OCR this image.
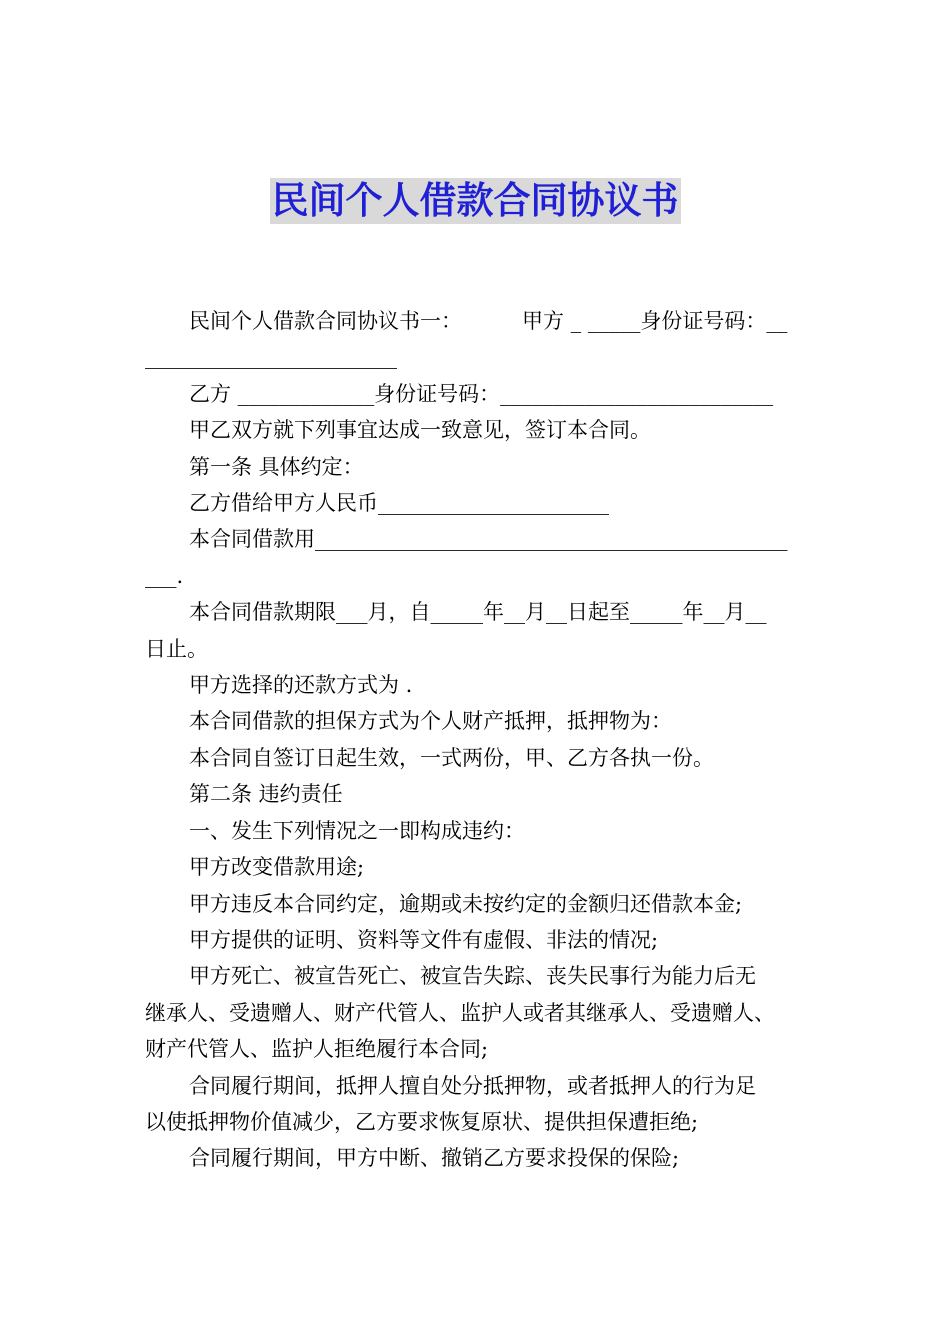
民间个人借款合同协议书

民间个人借款合同协议书一：	甲方 _ _____身份证号码：__
________________________

乙方 _____________身份证号码：__________________________

甲乙双方就下列事宜达成一致意见，签订本合同。

第一条 具体约定：

乙方借给甲方人民币______________________

本合同借款用_____________________________________________
___.

本合同借款期限___月，自_____年__月__日起至_____年__月__
日止。

甲方选择的还款方式为 .

本合同借款的担保方式为个人财产抵押，抵押物为：

本合同自签订日起生效，一式两份，甲、乙方各执一份。

第二条 违约责任

一、发生下列情况之一即构成违约：

甲方改变借款用途;

甲方违反本合同约定，逾期或未按约定的金额归还借款本金;

甲方提供的证明、资料等文件有虚假、非法的情况;

甲方死亡、被宣告死亡、被宣告失踪、丧失民事行为能力后无
继承人、受遗赠人、财产代管人、监护人或者其继承人、受遗赠人、
财产代管人、监护人拒绝履行本合同;

合同履行期间，抵押人擅自处分抵押物，或者抵押人的行为足
以使抵押物价值减少，乙方要求恢复原状、提供担保遭拒绝;

合同履行期间，甲方中断、撤销乙方要求投保的保险;
